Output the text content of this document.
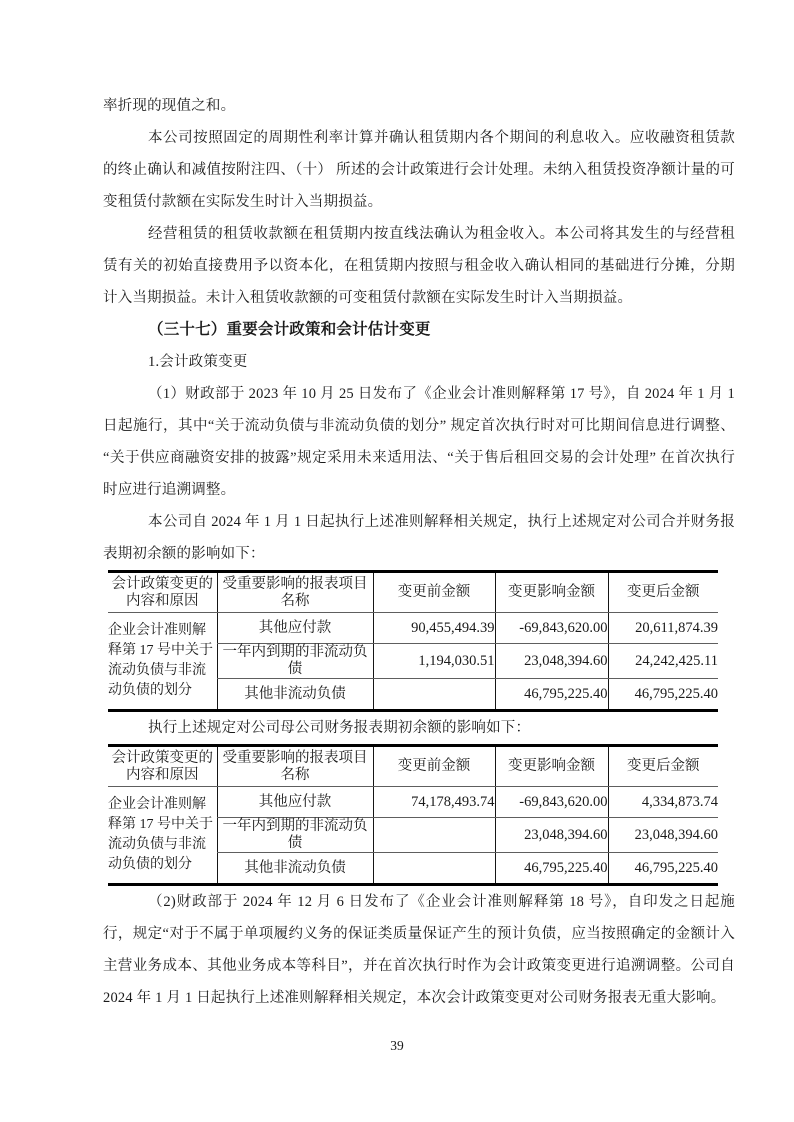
率折现的现值之和。

本公司按照固定的周期性利率计算并确认租赁期内各个期间的利息收入。应收融资租赁款的终止确认和减值按附注四、（十） 所述的会计政策进行会计处理。未纳入租赁投资净额计量的可变租赁付款额在实际发生时计入当期损益。

经营租赁的租赁收款额在租赁期内按直线法确认为租金收入。本公司将其发生的与经营租赁有关的初始直接费用予以资本化，在租赁期内按照与租金收入确认相同的基础进行分摊，分期计入当期损益。未计入租赁收款额的可变租赁付款额在实际发生时计入当期损益。

（三十七）重要会计政策和会计估计变更

1.会计政策变更

（1）财政部于 2023 年 10 月 25 日发布了《企业会计准则解释第 17 号》，自 2024 年 1 月 1 日起施行，其中“关于流动负债与非流动负债的划分” 规定首次执行时对可比期间信息进行调整、“关于供应商融资安排的披露”规定采用未来适用法、“关于售后租回交易的会计处理” 在首次执行时应进行追溯调整。

本公司自 2024 年 1 月 1 日起执行上述准则解释相关规定，执行上述规定对公司合并财务报表期初余额的影响如下：

会计政策变更的内容和原因	受重要影响的报表项目名称	变更前金额	变更影响金额	变更后金额
企业会计准则解释第 17 号中关于流动负债与非流动负债的划分	其他应付款	90,455,494.39	-69,843,620.00	20,611,874.39
	一年内到期的非流动负债	1,194,030.51	23,048,394.60	24,242,425.11
	其他非流动负债		46,795,225.40	46,795,225.40

执行上述规定对公司母公司财务报表期初余额的影响如下：

会计政策变更的内容和原因	受重要影响的报表项目名称	变更前金额	变更影响金额	变更后金额
企业会计准则解释第 17 号中关于流动负债与非流动负债的划分	其他应付款	74,178,493.74	-69,843,620.00	4,334,873.74
	一年内到期的非流动负债		23,048,394.60	23,048,394.60
	其他非流动负债		46,795,225.40	46,795,225.40

（2)财政部于 2024 年 12 月 6 日发布了《企业会计准则解释第 18 号》，自印发之日起施行，规定“对于不属于单项履约义务的保证类质量保证产生的预计负债，应当按照确定的金额计入主营业务成本、其他业务成本等科目”，并在首次执行时作为会计政策变更进行追溯调整。公司自 2024 年 1 月 1 日起执行上述准则解释相关规定，本次会计政策变更对公司财务报表无重大影响。

39
